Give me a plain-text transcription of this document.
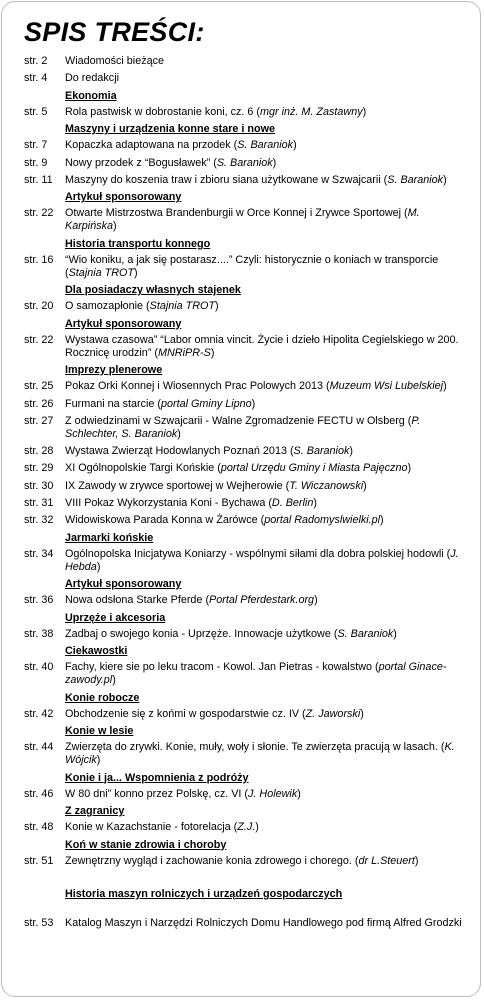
SPIS TREŚCI:
str. 2	Wiadomości bieżące
str. 4	Do redakcji
Ekonomia
str. 5	Rola pastwisk w dobrostanie koni, cz. 6 (mgr inż. M. Zastawny)
Maszyny i urządzenia konne stare i nowe
str. 7	Kopaczka adaptowana na przodek (S. Baraniok)
str. 9	Nowy przodek z “Bogusławek” (S. Baraniok)
str. 11	Maszyny do koszenia traw i zbioru siana użytkowane w Szwajcarii (S. Baraniok)
Artykuł sponsorowany
str. 22	Otwarte Mistrzostwa Brandenburgii w Orce Konnej i Zrywce Sportowej (M. Karpińska)
Historia transportu konnego
str. 16	“Wio koniku, a jak się postarasz....” Czyli: historycznie o koniach w transporcie (Stajnia TROT)
Dla posiadaczy własnych stajenek
str. 20	O samozapłonie (Stajnia TROT)
Artykuł sponsorowany
str. 22	Wystawa czasowa” “Labor omnia vincit. Życie i dzieło Hipolita Cegielskiego w 200. Rocznicę urodzin” (MNRiPR-S)
Imprezy plenerowe
str. 25	Pokaz Orki Konnej i Wiosennych Prac Polowych 2013 (Muzeum Wsi Lubelskiej)
str. 26	Furmani na starcie (portal Gminy Lipno)
str. 27	Z odwiedzinami w Szwajcarii - Walne Zgromadzenie FECTU w Olsberg (P. Schlechter, S. Baraniok)
str. 28	Wystawa Zwierząt Hodowlanych Poznań 2013 (S. Baraniok)
str. 29	XI Ogólnopolskie Targi Końskie (portal Urzędu Gminy i Miasta Pajęczno)
str. 30	IX Zawody w zrywce sportowej w Wejherowie (T. Wiczanowski)
str. 31	VIII Pokaz Wykorzystania Koni - Bychawa (D. Berlin)
str. 32	Widowiskowa Parada Konna w Żarówce (portal Radomyslwielki.pl)
Jarmarki końskie
str. 34	Ogólnopolska Inicjatywa Koniarzy - wspólnymi siłami dla dobra polskiej hodowli (J. Hebda)
Artykuł sponsorowany
str. 36	Nowa odsłona Starke Pferde (Portal Pferdestark.org)
Uprzęże i akcesoria
str. 38	Zadbaj o swojego konia - Uprzęże. Innowacje użytkowe (S. Baraniok)
Ciekawostki
str. 40	Fachy, kiere sie po leku tracom - Kowol. Jan Pietras - kowalstwo (portal Ginace-zawody.pl)
Konie robocze
str. 42	Obchodzenie się z końmi w gospodarstwie cz. IV (Z. Jaworski)
Konie w lesie
str. 44	Zwierzęta do zrywki. Konie, muły, woły i słonie. Te zwierzęta pracują w lasach. (K. Wójcik)
Konie i ja... Wspomnienia z podróży
str. 46	W 80 dni” konno przez Polskę, cz. VI (J. Holewik)
Z zagranicy
str. 48	Konie w Kazachstanie - fotorelacja (Z.J.)
Koń w stanie zdrowia i choroby
str. 51	Zewnętrzny wygląd i zachowanie konia zdrowego i chorego. (dr L.Steuert)
Historia maszyn rolniczych i urządzeń gospodarczych
str. 53	Katalog Maszyn i Narzędzi Rolniczych Domu Handlowego pod firmą Alfred Grodzki
